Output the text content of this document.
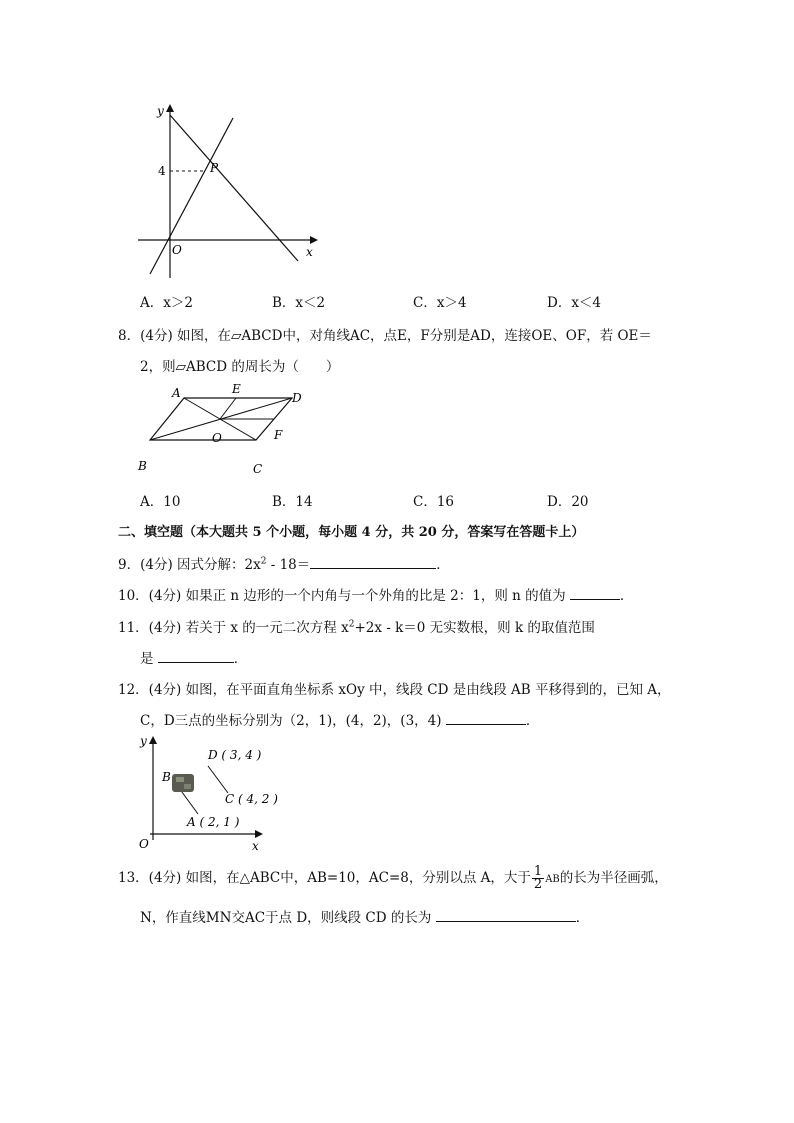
y
4	P
O	x
A．x＞2	B．x＜2	C．x＞4	D．x＜4
8．(4分) 如图，在▱ABCD中，对角线AC，点E，F分别是AD，连接OE、OF，若 OE＝
2，则▱ABCD 的周长为（　　）
A	E
D
O	F
B	C
A．10	B．14	C．16	D．20
二、填空题（本大题共 5 个小题，每小题 4 分，共 20 分，答案写在答题卡上）
9．(4分) 因式分解：$2x^2 - 18=$	．
10．(4分) 如果正 n 边形的一个内角与一个外角的比是 2：1，则 n 的值为	．
11．(4分) 若关于 x 的一元二次方程 $x^2+2x - k=0$ 无实数根，则 k 的取值范围
是	．
12．(4分) 如图，在平面直角坐标系 xOy 中，线段 CD 是由线段 AB 平移得到的，已知 A，
C，D三点的坐标分别为（2，1)，(4，2)，(3，4)	．
y
O	x
D ( 3, 4 )
B
C ( 4, 2 )
A ( 2, 1 )
13．(4分) 如图，在△ABC中，AB=10，AC=8，分别以点 A，大于 $\frac{1}{2}$ AB的长为半径画弧，
N，作直线MN交AC于点 D，则线段 CD 的长为	．
